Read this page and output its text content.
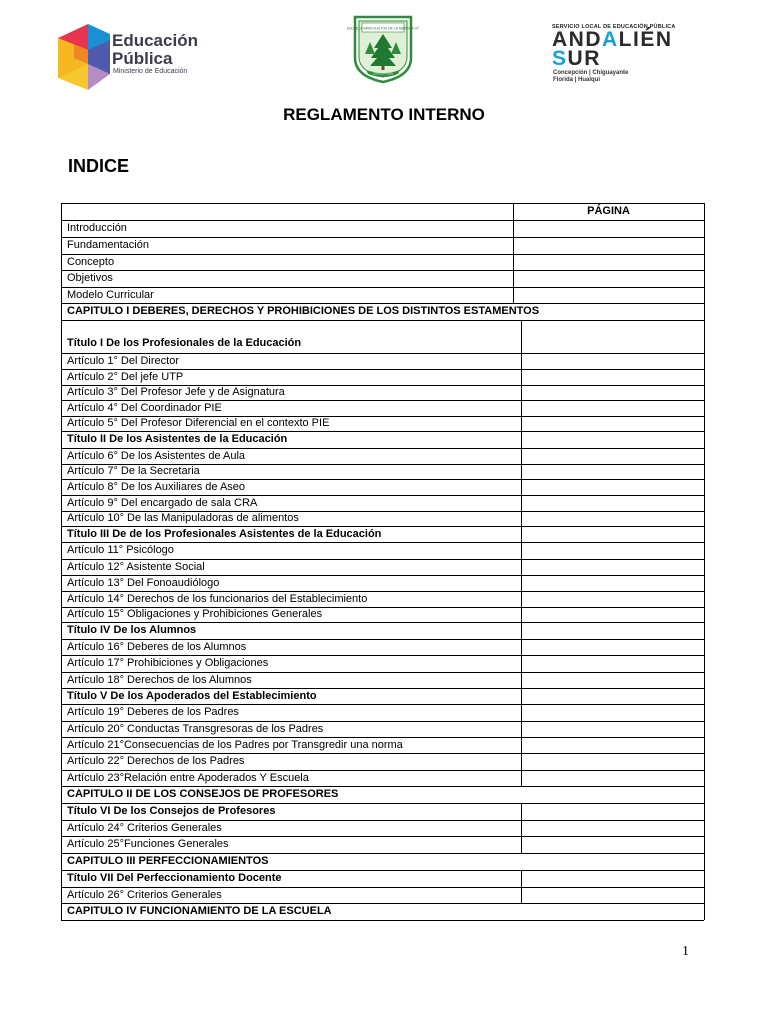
Educación
Pública
Ministerio de Educación
ESCUELA BÁSICA ALTOS DE LA SIERRA F-N°
CONCEPCIÓN
SERVICIO LOCAL DE EDUCACIÓN PÚBLICA
ANDALIÉN
SUR
Concepción | Chiguayante
Florida | Hualqui
REGLAMENTO INTERNO
INDICE
PÁGINA
Introducción
Fundamentación
Concepto
Objetivos
Modelo Curricular
CAPITULO I DEBERES, DERECHOS Y PROHIBICIONES DE LOS DISTINTOS ESTAMENTOS
Título I De los Profesionales de la Educación
Artículo 1° Del Director
Artículo 2° Del jefe UTP
Artículo 3° Del Profesor Jefe y de Asignatura
Artículo 4° Del Coordinador PIE
Artículo 5° Del Profesor Diferencial en el contexto PIE
Título II De los Asistentes de la Educación
Artículo 6° De los Asistentes de Aula
Artículo 7° De la Secretaria
Artículo 8° De los Auxiliares de Aseo
Artículo 9° Del encargado de sala CRA
Artículo 10° De las Manipuladoras de alimentos
Título III De de los Profesionales Asistentes de la Educación
Artículo 11° Psicólogo
Artículo 12° Asistente Social
Artículo 13° Del Fonoaudiólogo
Artículo 14° Derechos de los funcionarios del Establecimiento
Artículo 15° Obligaciones y Prohibiciones Generales
Título IV De los Alumnos
Artículo 16° Deberes de los Alumnos
Artículo 17° Prohibiciones y Obligaciones
Artículo 18° Derechos de los Alumnos
Título V De los Apoderados del Establecimiento
Artículo 19° Deberes de los Padres
Artículo 20° Conductas Transgresoras de los Padres
Artículo 21°Consecuencias de los Padres por Transgredir una norma
Artículo 22° Derechos de los Padres
Artículo 23°Relación entre Apoderados Y Escuela
CAPITULO II DE LOS CONSEJOS DE PROFESORES
Título VI De los Consejos de Profesores
Artículo 24° Criterios Generales
Artículo 25°Funciones Generales
CAPITULO III PERFECCIONAMIENTOS
Título VII Del Perfeccionamiento Docente
Artículo 26° Criterios Generales
CAPITULO IV FUNCIONAMIENTO DE LA ESCUELA
1
